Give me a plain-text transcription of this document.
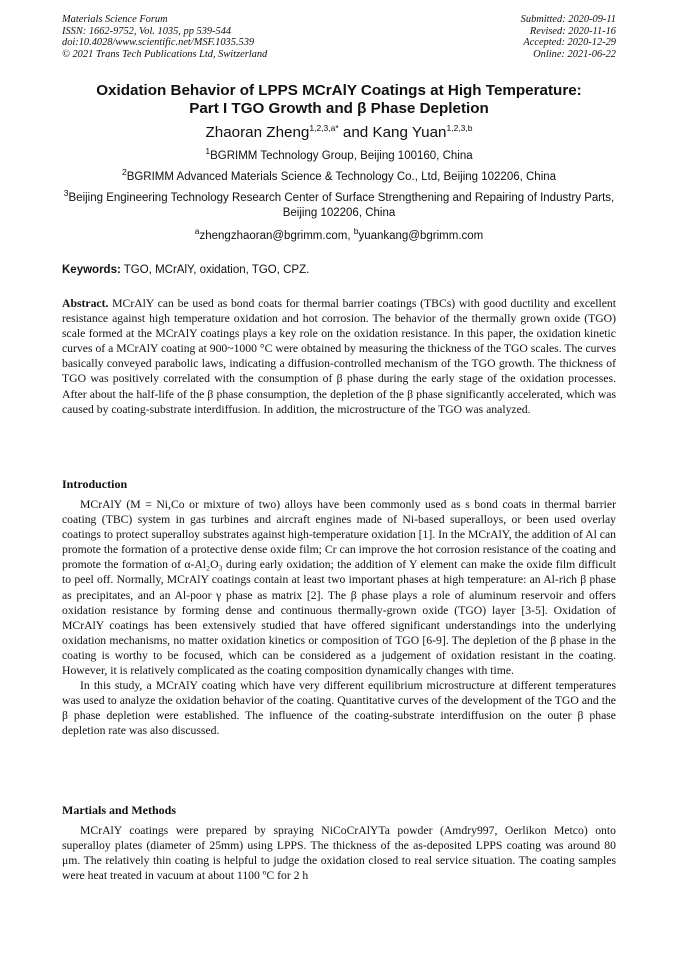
Materials Science Forum
ISSN: 1662-9752, Vol. 1035, pp 539-544
doi:10.4028/www.scientific.net/MSF.1035.539
© 2021 Trans Tech Publications Ltd, Switzerland
Submitted: 2020-09-11
Revised: 2020-11-16
Accepted: 2020-12-29
Online: 2021-06-22
Oxidation Behavior of LPPS MCrAlY Coatings at High Temperature:
Part I TGO Growth and β Phase Depletion
Zhaoran Zheng$^{1,2,3,a*}$ and Kang Yuan$^{1,2,3,b}$
$^1$BGRIMM Technology Group, Beijing 100160, China
$^2$BGRIMM Advanced Materials Science & Technology Co., Ltd, Beijing 102206, China
$^3$Beijing Engineering Technology Research Center of Surface Strengthening and Repairing of Industry Parts, Beijing 102206, China
$^a$zhengzhaoran@bgrimm.com, $^b$yuankang@bgrimm.com
Keywords: TGO, MCrAlY, oxidation, TGO, CPZ.

Abstract. MCrAlY can be used as bond coats for thermal barrier coatings (TBCs) with good ductility and excellent resistance against high temperature oxidation and hot corrosion. The behavior of the thermally grown oxide (TGO) scale formed at the MCrAlY coatings plays a key role on the oxidation resistance. In this paper, the oxidation kinetic curves of a MCrAlY coating at 900~1000 °C were obtained by measuring the thickness of the TGO scales. The curves basically conveyed parabolic laws, indicating a diffusion-controlled mechanism of the TGO growth. The thickness of TGO was positively correlated with the consumption of β phase during the early stage of the oxidation processes. After about the half-life of the β phase consumption, the depletion of the β phase significantly accelerated, which was caused by coating-substrate interdiffusion. In addition, the microstructure of the TGO was analyzed.

Introduction

MCrAlY (M = Ni,Co or mixture of two) alloys have been commonly used as s bond coats in thermal barrier coating (TBC) system in gas turbines and aircraft engines made of Ni-based superalloys, or been used overlay coatings to protect superalloy substrates against high-temperature oxidation [1]. In the MCrAlY, the addition of Al can promote the formation of a protective dense oxide film; Cr can improve the hot corrosion resistance of the coating and promote the formation of α-Al₂O₃ during early oxidation; the addition of Y element can make the oxide film difficult to peel off. Normally, MCrAlY coatings contain at least two important phases at high temperature: an Al-rich β phase as precipitates, and an Al-poor γ phase as matrix [2]. The β phase plays a role of aluminum reservoir and offers oxidation resistance by forming dense and continuous thermally-grown oxide (TGO) layer [3-5]. Oxidation of MCrAlY coatings has been extensively studied that have offered significant understandings into the underlying oxidation mechanisms, no matter oxidation kinetics or composition of TGO [6-9]. The depletion of the β phase in the coating is worthy to be focused, which can be considered as a judgement of oxidation resistant in the coating. However, it is relatively complicated as the coating composition dynamically changes with time.

In this study, a MCrAlY coating which have very different equilibrium microstructure at different temperatures was used to analyze the oxidation behavior of the coating. Quantitative curves of the development of the TGO and the β phase depletion were established. The influence of the coating-substrate interdiffusion on the outer β phase depletion rate was also discussed.

Martials and Methods

MCrAlY coatings were prepared by spraying NiCoCrAlYTa powder (Amdry997, Oerlikon Metco) onto superalloy plates (diameter of 25mm) using LPPS. The thickness of the as-deposited LPPS coating was around 80 μm. The relatively thin coating is helpful to judge the oxidation closed to real service situation. The coating samples were heat treated in vacuum at about 1100 ºC for 2 h
